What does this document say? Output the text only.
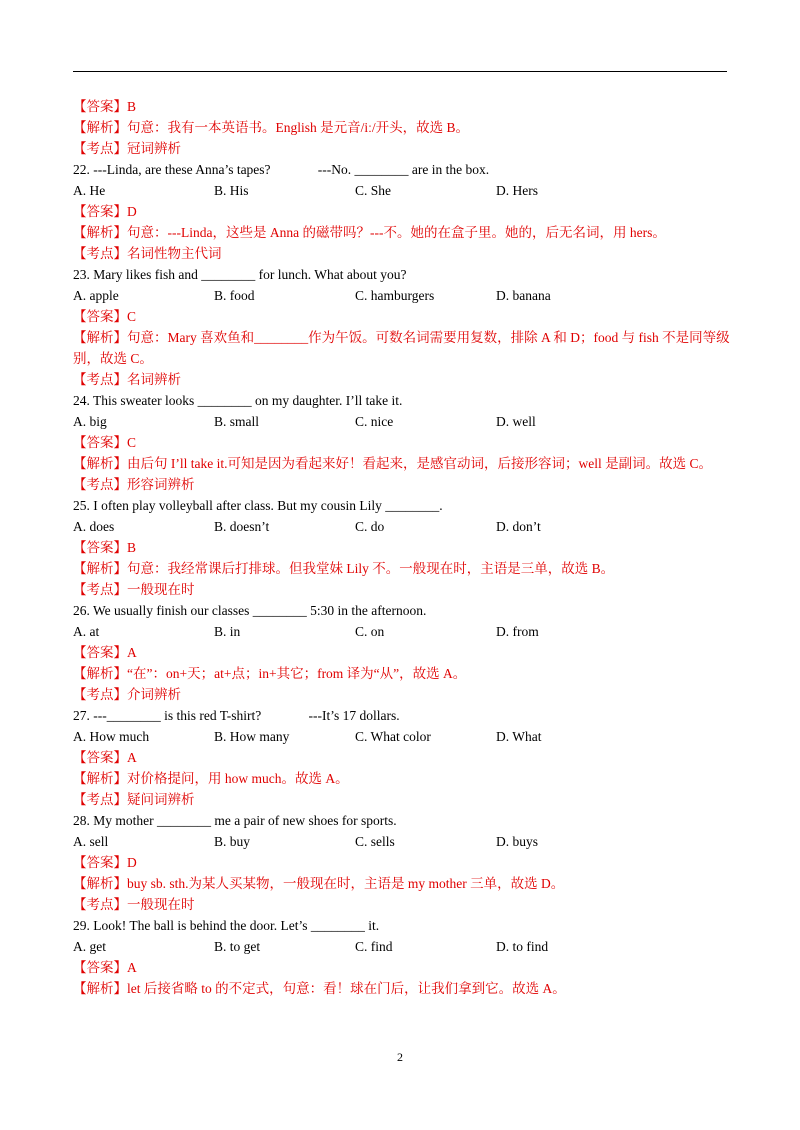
【答案】B
【解析】句意：我有一本英语书。English 是元音/iː/开头，故选 B。
【考点】冠词辨析
22. ---Linda, are these Anna’s tapes?              ---No. ________ are in the box.
A. He	B. His	C. She	D. Hers
【答案】D
【解析】句意：---Linda，这些是 Anna 的磁带吗？---不。她的在盒子里。她的，后无名词，用 hers。
【考点】名词性物主代词
23. Mary likes fish and ________ for lunch. What about you?
A. apple	B. food	C. hamburgers	D. banana
【答案】C
【解析】句意：Mary 喜欢鱼和________作为午饭。可数名词需要用复数，排除 A 和 D；food 与 fish 不是同等级别，故选 C。
【考点】名词辨析
24. This sweater looks ________ on my daughter. I’ll take it.
A. big	B. small	C. nice	D. well
【答案】C
【解析】由后句 I’ll take it.可知是因为看起来好！看起来，是感官动词，后接形容词；well 是副词。故选 C。
【考点】形容词辨析
25. I often play volleyball after class. But my cousin Lily ________.
A. does	B. doesn’t	C. do	D. don’t
【答案】B
【解析】句意：我经常课后打排球。但我堂妹 Lily 不。一般现在时，主语是三单，故选 B。
【考点】一般现在时
26. We usually finish our classes ________ 5:30 in the afternoon.
A. at	B. in	C. on	D. from
【答案】A
【解析】“在”：on+天；at+点；in+其它；from 译为“从”，故选 A。
【考点】介词辨析
27. ---________ is this red T-shirt?              ---It’s 17 dollars.
A. How much	B. How many	C. What color	D. What
【答案】A
【解析】对价格提问，用 how much。故选 A。
【考点】疑问词辨析
28. My mother ________ me a pair of new shoes for sports.
A. sell	B. buy	C. sells	D. buys
【答案】D
【解析】buy sb. sth.为某人买某物，一般现在时，主语是 my mother 三单，故选 D。
【考点】一般现在时
29. Look! The ball is behind the door. Let’s ________ it.
A. get	B. to get	C. find	D. to find
【答案】A
【解析】let 后接省略 to 的不定式，句意：看！球在门后，让我们拿到它。故选 A。
2
